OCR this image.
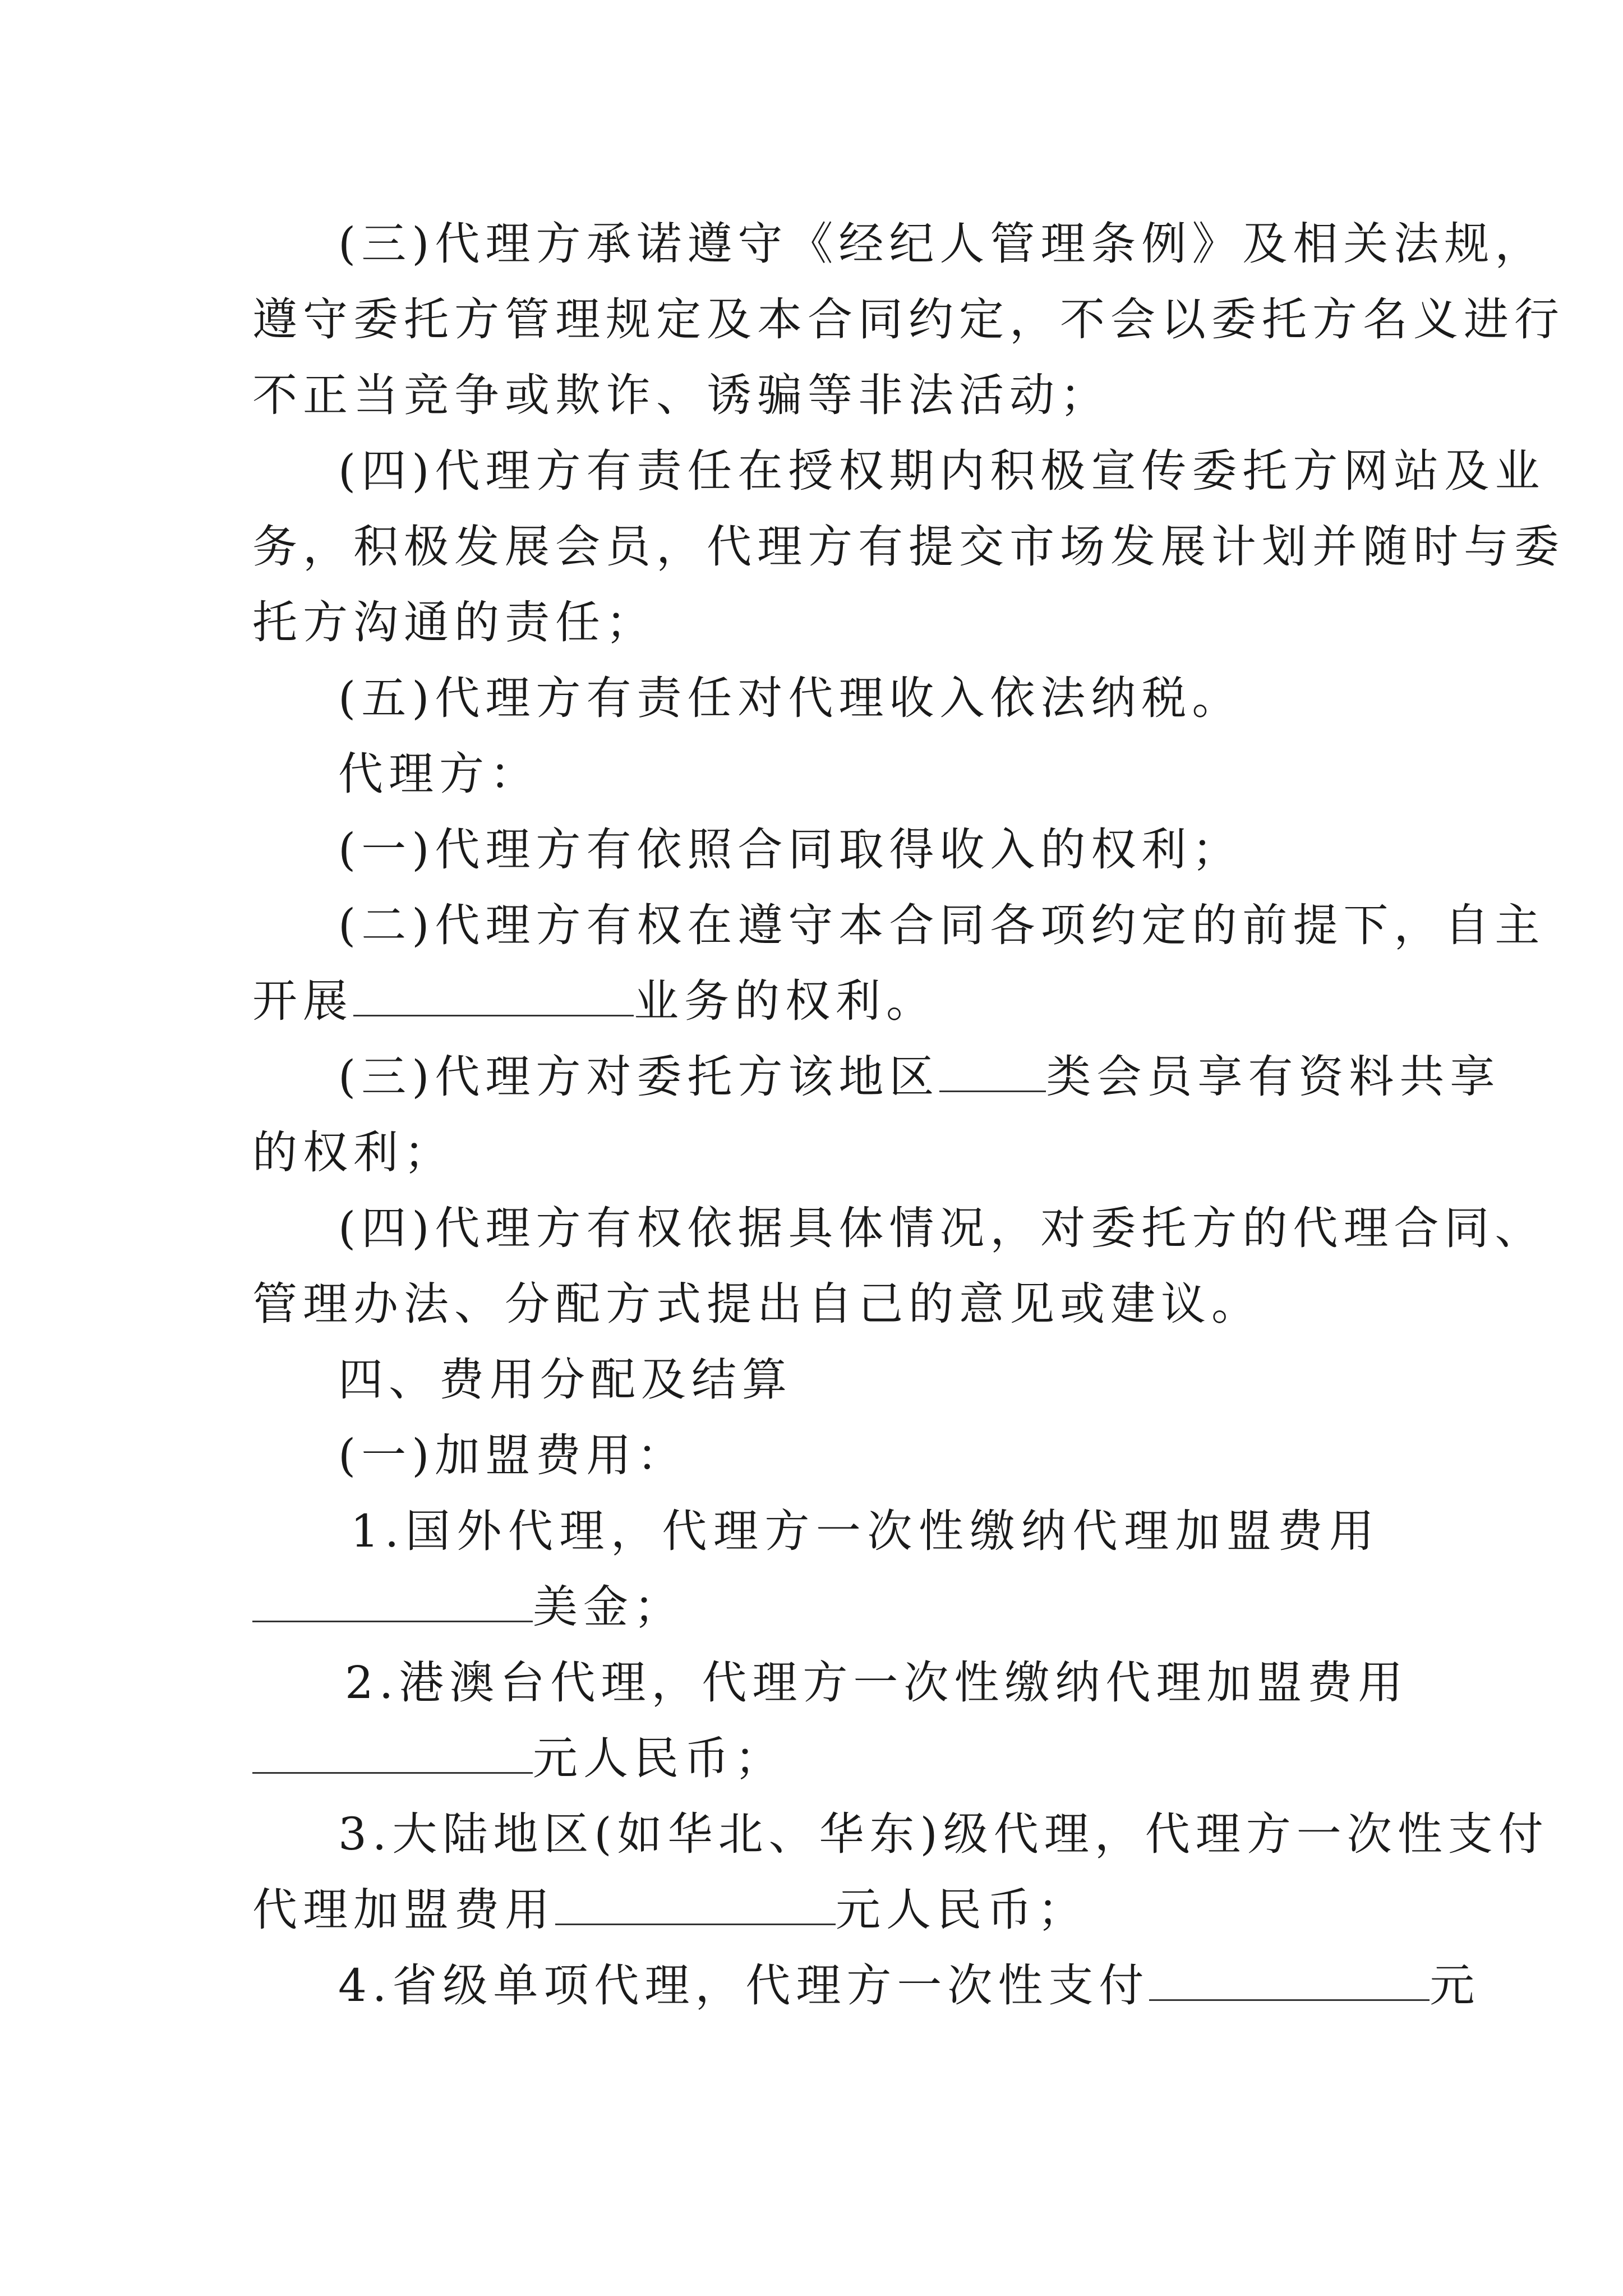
(三)代理方承诺遵守《经纪人管理条例》及相关法规，
遵守委托方管理规定及本合同约定，不会以委托方名义进行
不正当竞争或欺诈、诱骗等非法活动；
(四)代理方有责任在授权期内积极宣传委托方网站及业
务，积极发展会员，代理方有提交市场发展计划并随时与委
托方沟通的责任；
(五)代理方有责任对代理收入依法纳税。
代理方：
(一)代理方有依照合同取得收入的权利；
(二)代理方有权在遵守本合同各项约定的前提下，自主
开展	业务的权利。
(三)代理方对委托方该地区 类会员享有资料共享
的权利；
(四)代理方有权依据具体情况，对委托方的代理合同、
管理办法、分配方式提出自己的意见或建议。
四、费用分配及结算
(一)加盟费用：
1.国外代理，代理方一次性缴纳代理加盟费用
美金；
2.港澳台代理，代理方一次性缴纳代理加盟费用
元人民币；
3.大陆地区(如华北、华东)级代理，代理方一次性支付
代理加盟费用	元人民币；
4.省级单项代理，代理方一次性支付	元
